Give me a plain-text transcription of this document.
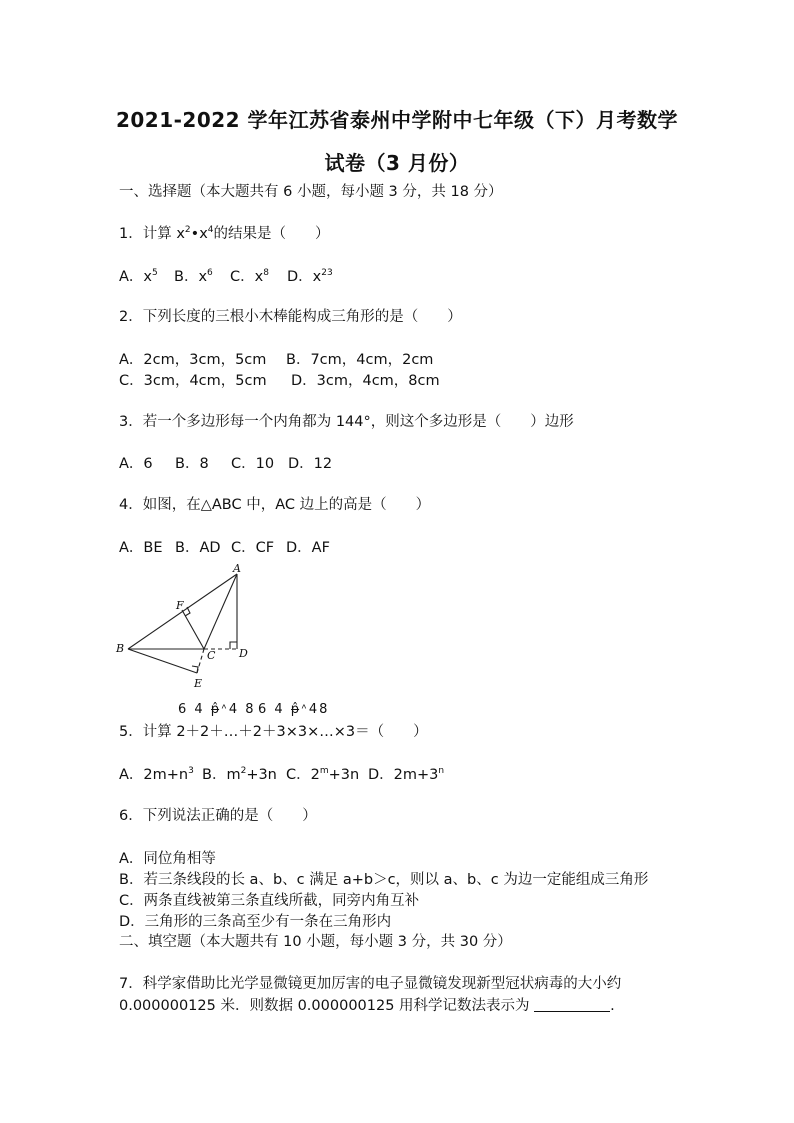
2021-2022 学年江苏省泰州中学附中七年级（下）月考数学
试卷（3 月份）
一、选择题（本大题共有 6 小题，每小题 3 分，共 18 分）
1．计算 $x^2•x^4$的结果是（　　）
A．$x^5$ B．$x^6$ C．$x^8$ D．$x^{23}$
2．下列长度的三根小木棒能构成三角形的是（　　）
A．2cm，3cm，5cm B．7cm，4cm，2cm
C．3cm，4cm，5cm D．3cm，4cm，8cm
3．若一个多边形每一个内角都为 144°，则这个多边形是（　　）边形
A．6 B．8 C．10 D．12
4．如图，在△ABC 中，AC 边上的高是（　　）
A．BE B．AD C．CF D．AF
A
B
C D
E
F
6 4 ᵽ̂ᶺ4 8 6 4 ᵽ̂ᶺ48
5．计算 2＋2＋…＋2＋3×3×…×3＝（　　）
A．$2m+n^3$ B．$m^2+3n$ C．$2^m+3n$ D．$2m+3^n$
6．下列说法正确的是（　　）
A．同位角相等
B．若三条线段的长 a、b、c 满足 a+b＞c，则以 a、b、c 为边一定能组成三角形
C．两条直线被第三条直线所截，同旁内角互补
D．三角形的三条高至少有一条在三角形内
二、填空题（本大题共有 10 小题，每小题 3 分，共 30 分）
7．科学家借助比光学显微镜更加厉害的电子显微镜发现新型冠状病毒的大小约
0.000000125 米．则数据 0.000000125 用科学记数法表示为	.
